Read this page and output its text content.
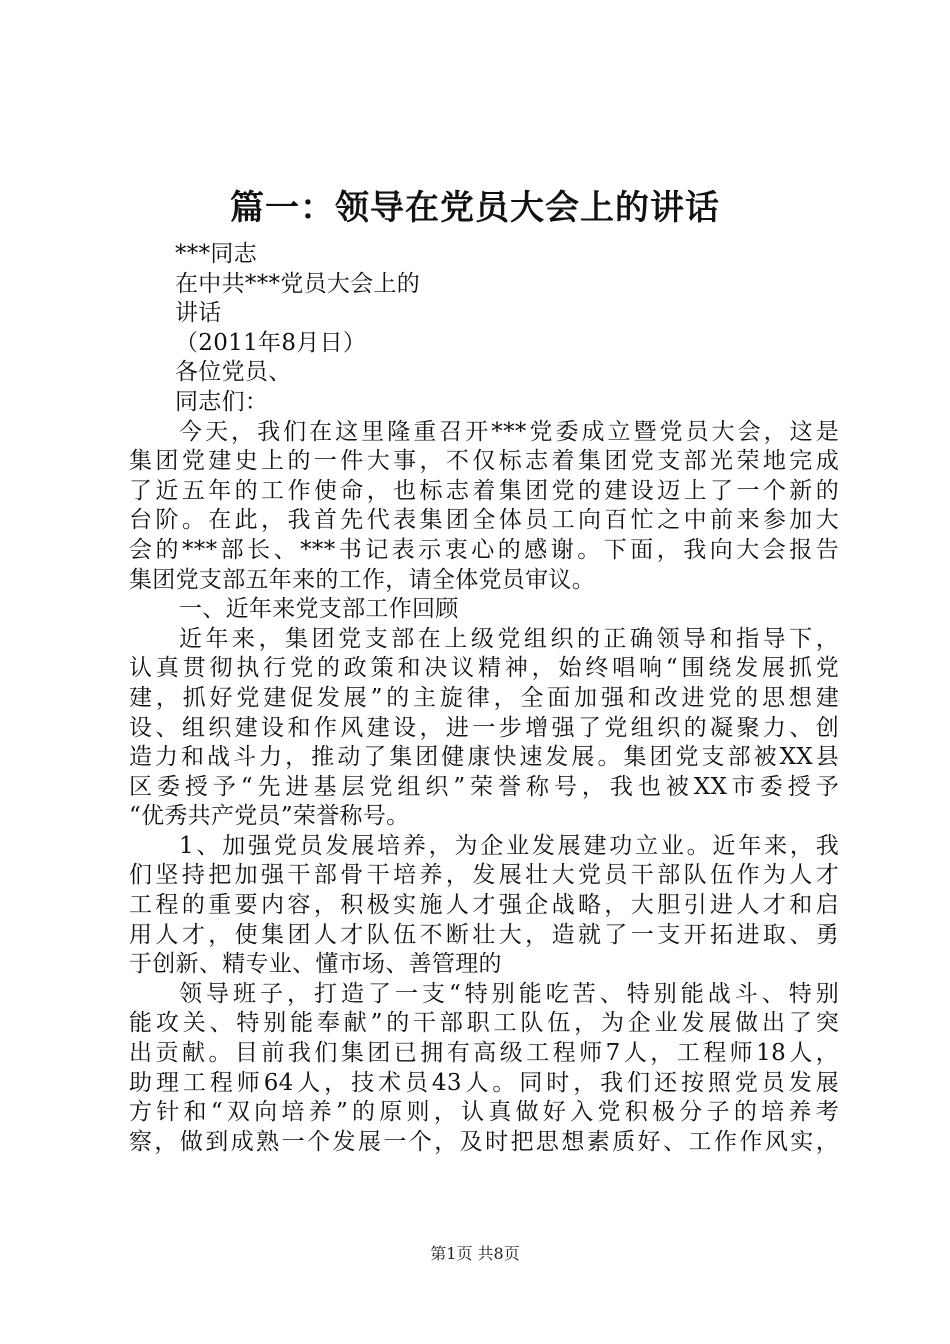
篇一：领导在党员大会上的讲话
***同志
在中共***党员大会上的
讲话
（2011年8月日）
各位党员、
同志们：
今天，我们在这里隆重召开***党委成立暨党员大会，这是
集团党建史上的一件大事，不仅标志着集团党支部光荣地完成
了近五年的工作使命，也标志着集团党的建设迈上了一个新的
台阶。在此，我首先代表集团全体员工向百忙之中前来参加大
会的***部长、***书记表示衷心的感谢。下面，我向大会报告
集团党支部五年来的工作，请全体党员审议。
一、近年来党支部工作回顾
近年来，集团党支部在上级党组织的正确领导和指导下，
认真贯彻执行党的政策和决议精神，始终唱响“围绕发展抓党
建，抓好党建促发展”的主旋律，全面加强和改进党的思想建
设、组织建设和作风建设，进一步增强了党组织的凝聚力、创
造力和战斗力，推动了集团健康快速发展。集团党支部被XX县
区委授予“先进基层党组织”荣誉称号，我也被XX市委授予
“优秀共产党员”荣誉称号。
1、加强党员发展培养，为企业发展建功立业。近年来，我
们坚持把加强干部骨干培养，发展壮大党员干部队伍作为人才
工程的重要内容，积极实施人才强企战略，大胆引进人才和启
用人才，使集团人才队伍不断壮大，造就了一支开拓进取、勇
于创新、精专业、懂市场、善管理的
领导班子，打造了一支“特别能吃苦、特别能战斗、特别
能攻关、特别能奉献”的干部职工队伍，为企业发展做出了突
出贡献。目前我们集团已拥有高级工程师7人，工程师18人，
助理工程师64人，技术员43人。同时，我们还按照党员发展
方针和“双向培养”的原则，认真做好入党积极分子的培养考
察，做到成熟一个发展一个，及时把思想素质好、工作作风实，
第1页 共8页
